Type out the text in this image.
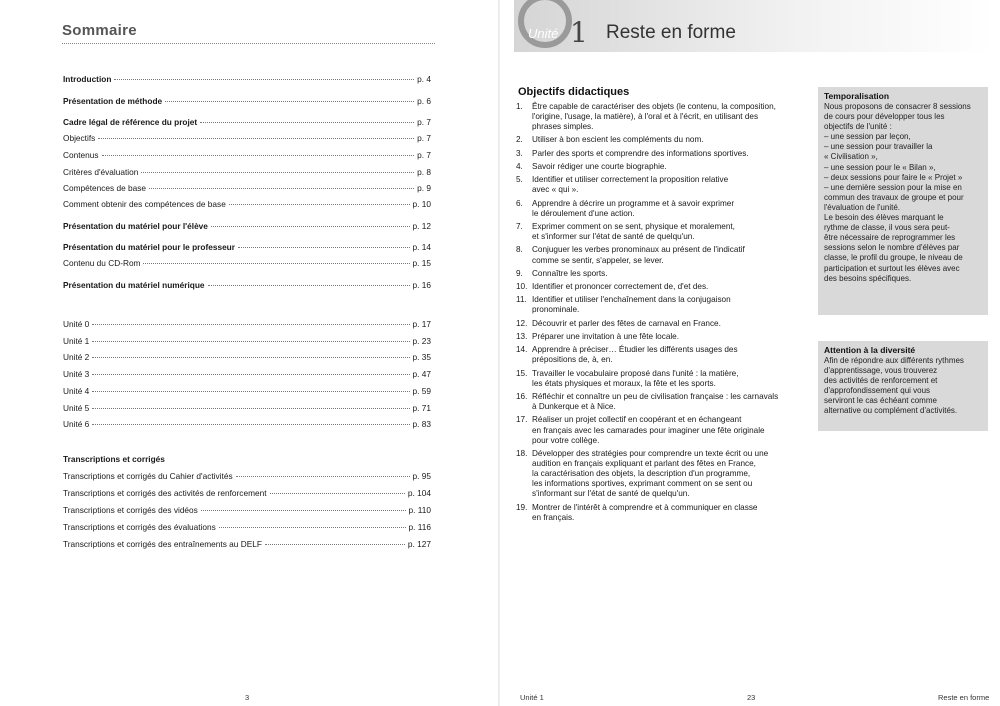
Sommaire
Introduction	p. 4
Présentation de méthode	p. 6
Cadre légal de référence du projet	p. 7
Objectifs	p. 7
Contenus	p. 7
Critères d'évaluation	p. 8
Compétences de base	p. 9
Comment obtenir des compétences de base	p. 10
Présentation du matériel pour l'élève	p. 12
Présentation du matériel pour le professeur	p. 14
Contenu du CD-Rom	p. 15
Présentation du matériel numérique	p. 16
Unité 0	p. 17
Unité 1	p. 23
Unité 2	p. 35
Unité 3	p. 47
Unité 4	p. 59
Unité 5	p. 71
Unité 6	p. 83
Transcriptions et corrigés du Cahier d'activités	p. 95
Transcriptions et corrigés des activités de renforcement	p. 104
Transcriptions et corrigés des vidéos	p. 110
Transcriptions et corrigés des évaluations	p. 116
Transcriptions et corrigés des entraînements au DELF	p. 127
Transcriptions et corrigés
3
Unité 1 Reste en forme
Unité 1	23	Reste en forme
Objectifs didactiques
1.	Être capable de caractériser des objets (le contenu, la composition,
l'origine, l'usage, la matière), à l'oral et à l'écrit, en utilisant des
phrases simples.
2.	Utiliser à bon escient les compléments du nom.
3.	Parler des sports et comprendre des informations sportives.
4.	Savoir rédiger une courte biographie.
5.	Identifier et utiliser correctement la proposition relative
avec « qui ».
6.	Apprendre à décrire un programme et à savoir exprimer
le déroulement d'une action.
7.	Exprimer comment on se sent, physique et moralement,
et s'informer sur l'état de santé de quelqu'un.
8.	Conjuguer les verbes pronominaux au présent de l'indicatif
comme se sentir, s'appeler, se lever.
9.	Connaître les sports.
10. Identifier et prononcer correctement de, d'et des.
11. Identifier et utiliser l'enchaînement dans la conjugaison
pronominale.
12. Découvrir et parler des fêtes de carnaval en France.
13. Préparer une invitation à une fête locale.
14. Apprendre à préciser… Étudier les différents usages des
prépositions de, à, en.
15. Travailler le vocabulaire proposé dans l'unité : la matière,
les états physiques et moraux, la fête et les sports.
16. Réfléchir et connaître un peu de civilisation française : les carnavals
à Dunkerque et à Nice.
17. Réaliser un projet collectif en coopérant et en échangeant
en français avec les camarades pour imaginer une fête originale
pour votre collège.
18. Développer des stratégies pour comprendre un texte écrit ou une
audition en français expliquant et parlant des fêtes en France,
la caractérisation des objets, la description d'un programme,
les informations sportives, exprimant comment on se sent ou
s'informant sur l'état de santé de quelqu'un.
19. Montrer de l'intérêt à comprendre et à communiquer en classe
en français.
Temporalisation

Nous proposons de consacrer 8 sessions
de cours pour développer tous les
objectifs de l'unité :
– une session par leçon,
– une session pour travailler la
« Civilisation »,
– une session pour le « Bilan »,
– deux sessions pour faire le « Projet »
– une dernière session pour la mise en
commun des travaux de groupe et pour
l'évaluation de l'unité.
Le besoin des élèves marquant le
rythme de classe, il vous sera peut-
être nécessaire de reprogrammer les
sessions selon le nombre d'élèves par
classe, le profil du groupe, le niveau de
participation et surtout les élèves avec
des besoins spécifiques.

Attention à la diversité

Afin de répondre aux différents rythmes
d'apprentissage, vous trouverez
des activités de renforcement et
d'approfondissement qui vous
serviront le cas échéant comme
alternative ou complément d'activités.
